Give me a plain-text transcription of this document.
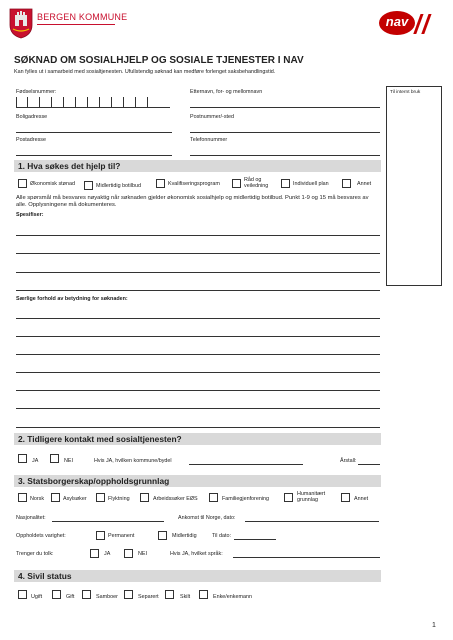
BERGEN KOMMUNE	nav
SØKNAD OM SOSIALHJELP OG SOSIALE TJENESTER I NAV
Kan fylles ut i samarbeid med sosialtjenesten. Ufullstendig søknad kan medføre forlenget saksbehandlingstid.
Til internt bruk
Fødselsnummer:	Etternavn, for- og mellomnavn
Boligadresse	Postnummer/-sted
Postadresse	Telefonnummer
1. Hva søkes det hjelp til?
Økonomisk stønad	Midlertidig botilbud	Kvalifiseringsprogram
Råd og veiledning	Individuell plan	Annet
Alle spørsmål må besvares nøyaktig når søknaden gjelder økonomisk sosialhjelp og midlertidig botilbud. Punkt 1-9 og 15 må besvares av alle. Opplysningene må dokumenteres.
Spesifiser:
Særlige forhold av betydning for søknaden:
2. Tidligere kontakt med sosialtjenesten?
JA	NEI	Hvis JA, hvilken kommune/bydel	Årstall:
3. Statsborgerskap/oppholdsgrunnlag
Norsk	Asylsøker	Flyktning	Arbeidssøker EØS	Familiegjenforening
Humanitært grunnlag	Annet
Nasjonalitet:	Ankomst til Norge, dato:
Oppholdets varighet:	Permanent	Midlertidig	Til dato:
Trenger du tolk:	JA	NEI	Hvis JA, hvilket språk:
4. Sivil status
Ugift	Gift	Samboer	Separert	Skilt	Enke/enkemann
1
